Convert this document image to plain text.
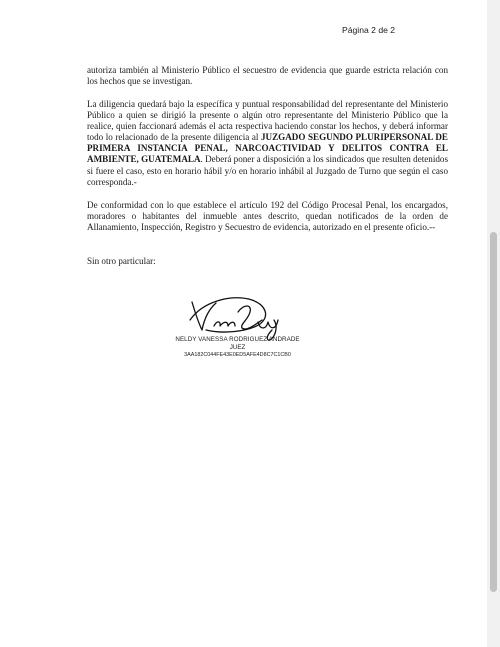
Página 2 de 2

autoriza también al Ministerio Público el secuestro de evidencia que guarde estricta relación con los hechos que se investigan.

La diligencia quedará bajo la específica y puntual responsabilidad del representante del Ministerio Público a quien se dirigió la presente o algún otro representante del Ministerio Público que la realice, quien faccionará además el acta respectiva haciendo constar los hechos, y deberá informar todo lo relacionado de la presente diligencia al JUZGADO SEGUNDO PLURIPERSONAL DE PRIMERA INSTANCIA PENAL, NARCOACTIVIDAD Y DELITOS CONTRA EL AMBIENTE, GUATEMALA. Deberá poner a disposición a los sindicados que resulten detenidos si fuere el caso, esto en horario hábil y/o en horario inhábil al Juzgado de Turno que según el caso corresponda.-

De conformidad con lo que establece el artículo 192 del Código Procesal Penal, los encargados, moradores o habitantes del inmueble antes descrito, quedan notificados de la orden de Allanamiento, Inspección, Registro y Secuestro de evidencia, autorizado en el presente oficio.--

Sin otro particular:

NELDY VANESSA RODRIGUEZ ANDRADE
JUEZ
3AA182C044FE43E0ED5AFE4D8C7C1CB0
